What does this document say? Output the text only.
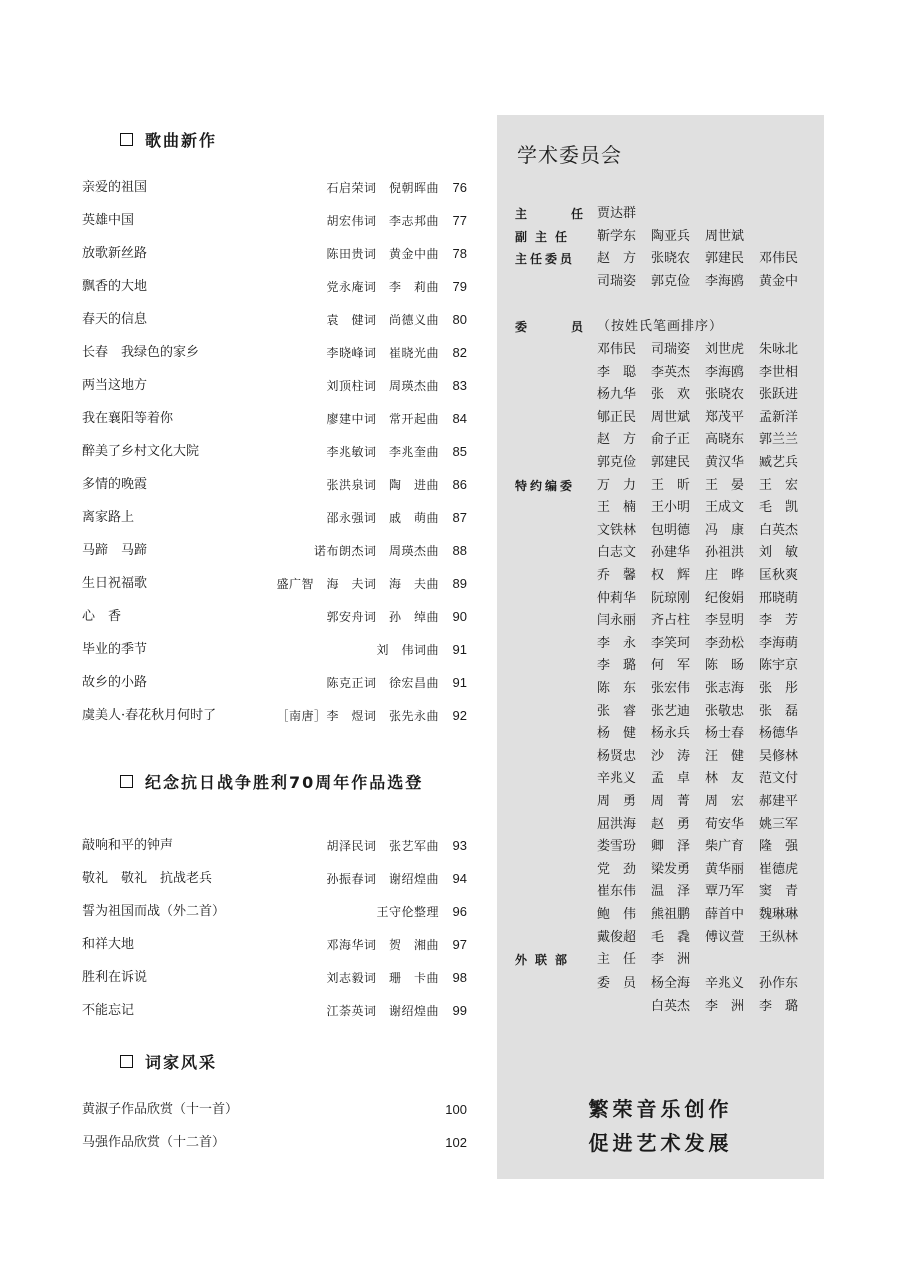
歌曲新作
亲爱的祖国	石启荣词　倪朝晖曲	76
英雄中国	胡宏伟词　李志邦曲	77
放歌新丝路	陈田贵词　黄金中曲	78
飘香的大地	党永庵词　李　莉曲	79
春天的信息	袁　健词　尚德义曲	80
长春　我绿色的家乡	李晓峰词　崔晓光曲	82
两当这地方	刘顶柱词　周瑛杰曲	83
我在襄阳等着你	廖建中词　常开起曲	84
醉美了乡村文化大院	李兆敏词　李兆奎曲	85
多情的晚霞	张洪泉词　陶　进曲	86
离家路上	邵永强词　戚　萌曲	87
马蹄　马蹄	诺布朗杰词　周瑛杰曲	88
生日祝福歌	盛广智　海　夫词　海　夫曲	89
心　香	郭安舟词　孙　绰曲	90
毕业的季节	刘　伟词曲	91
故乡的小路	陈克正词　徐宏昌曲	91
虞美人·春花秋月何时了	［南唐］李　煜词　张先永曲	92
纪念抗日战争胜利70周年作品选登
敲响和平的钟声	胡泽民词　张艺军曲	93
敬礼　敬礼　抗战老兵	孙振春词　谢绍煌曲	94
誓为祖国而战（外二首）	王守伦整理	96
和祥大地	邓海华词　贺　湘曲	97
胜利在诉说	刘志毅词　珊　卡曲	98
不能忘记	江荼英词　谢绍煌曲	99
词家风采
黄淑子作品欣赏（十一首）	100
马强作品欣赏（十二首）	102
学术委员会
繁荣音乐创作
促进艺术发展
主	任 贾达群
副主任	靳学东	陶亚兵	周世斌
主任委员	赵　方	张晓农	郭建民	邓伟民
司瑞姿	郭克俭	李海鸥	黄金中
委	员 （按姓氏笔画排序）
邓伟民	司瑞姿	刘世虎	朱咏北
李　聪	李英杰	李海鸥	李世相
杨九华	张　欢	张晓农	张跃进
郇正民	周世斌	郑茂平	孟新洋
赵　方	俞子正	高晓东	郭兰兰
郭克俭	郭建民	黄汉华	臧艺兵
特约编委	万　力	王　昕	王　晏	王　宏
王　楠	王小明	王成文	毛　凯
文铁林	包明德	冯　康	白英杰
白志文	孙建华	孙祖洪	刘　敏
乔　馨	权　辉	庄　晔	匡秋爽
仲莉华	阮琼刚	纪俊娟	邢晓萌
闫永丽	齐占柱	李昱明	李　芳
李　永	李笑珂	李劲松	李海萌
李　璐	何　军	陈　旸	陈宇京
陈　东	张宏伟	张志海	张　彤
张　睿	张艺迪	张敬忠	张　磊
杨　健	杨永兵	杨士春	杨德华
杨贤忠	沙　涛	汪　健	吴修林
辛兆义	孟　卓	林　友	范文付
周　勇	周　菁	周　宏	郝建平
屈洪海	赵　勇	荀安华	姚三军
娄雪玢	卿　泽	柴广育	隆　强
党　劲	梁发勇	黄华丽	崔德虎
崔东伟	温　泽	覃乃军	窦　青
鲍　伟	熊祖鹏	薛首中	魏琳琳
戴俊超	毛　毳	傅议萱	王纵林
外联部	主　任	李　洲
委　员	杨全海	辛兆义	孙作东
白英杰	李　洲	李　璐
